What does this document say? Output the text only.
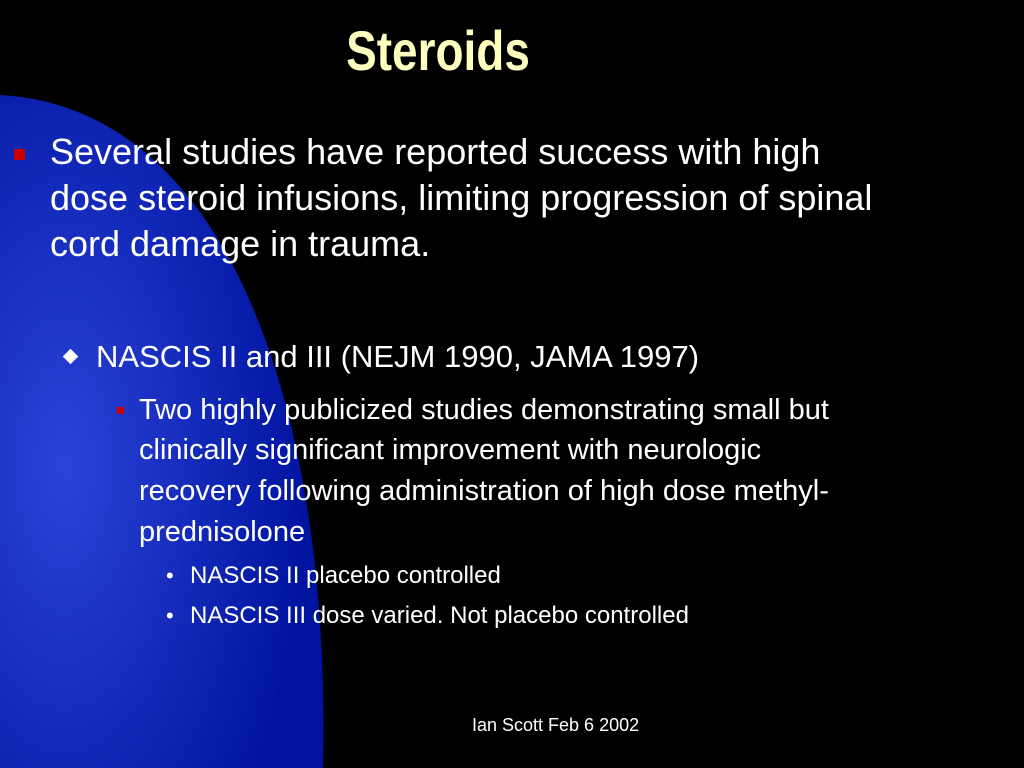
Steroids
Several studies have reported success with high
dose steroid infusions, limiting progression of spinal
cord damage in trauma.
NASCIS II and III (NEJM 1990, JAMA 1997)
Two highly publicized studies demonstrating small but
clinically significant improvement with neurologic
recovery following administration of high dose methyl-
prednisolone
• NASCIS II placebo controlled
• NASCIS III dose varied. Not placebo controlled
Ian Scott Feb 6 2002
